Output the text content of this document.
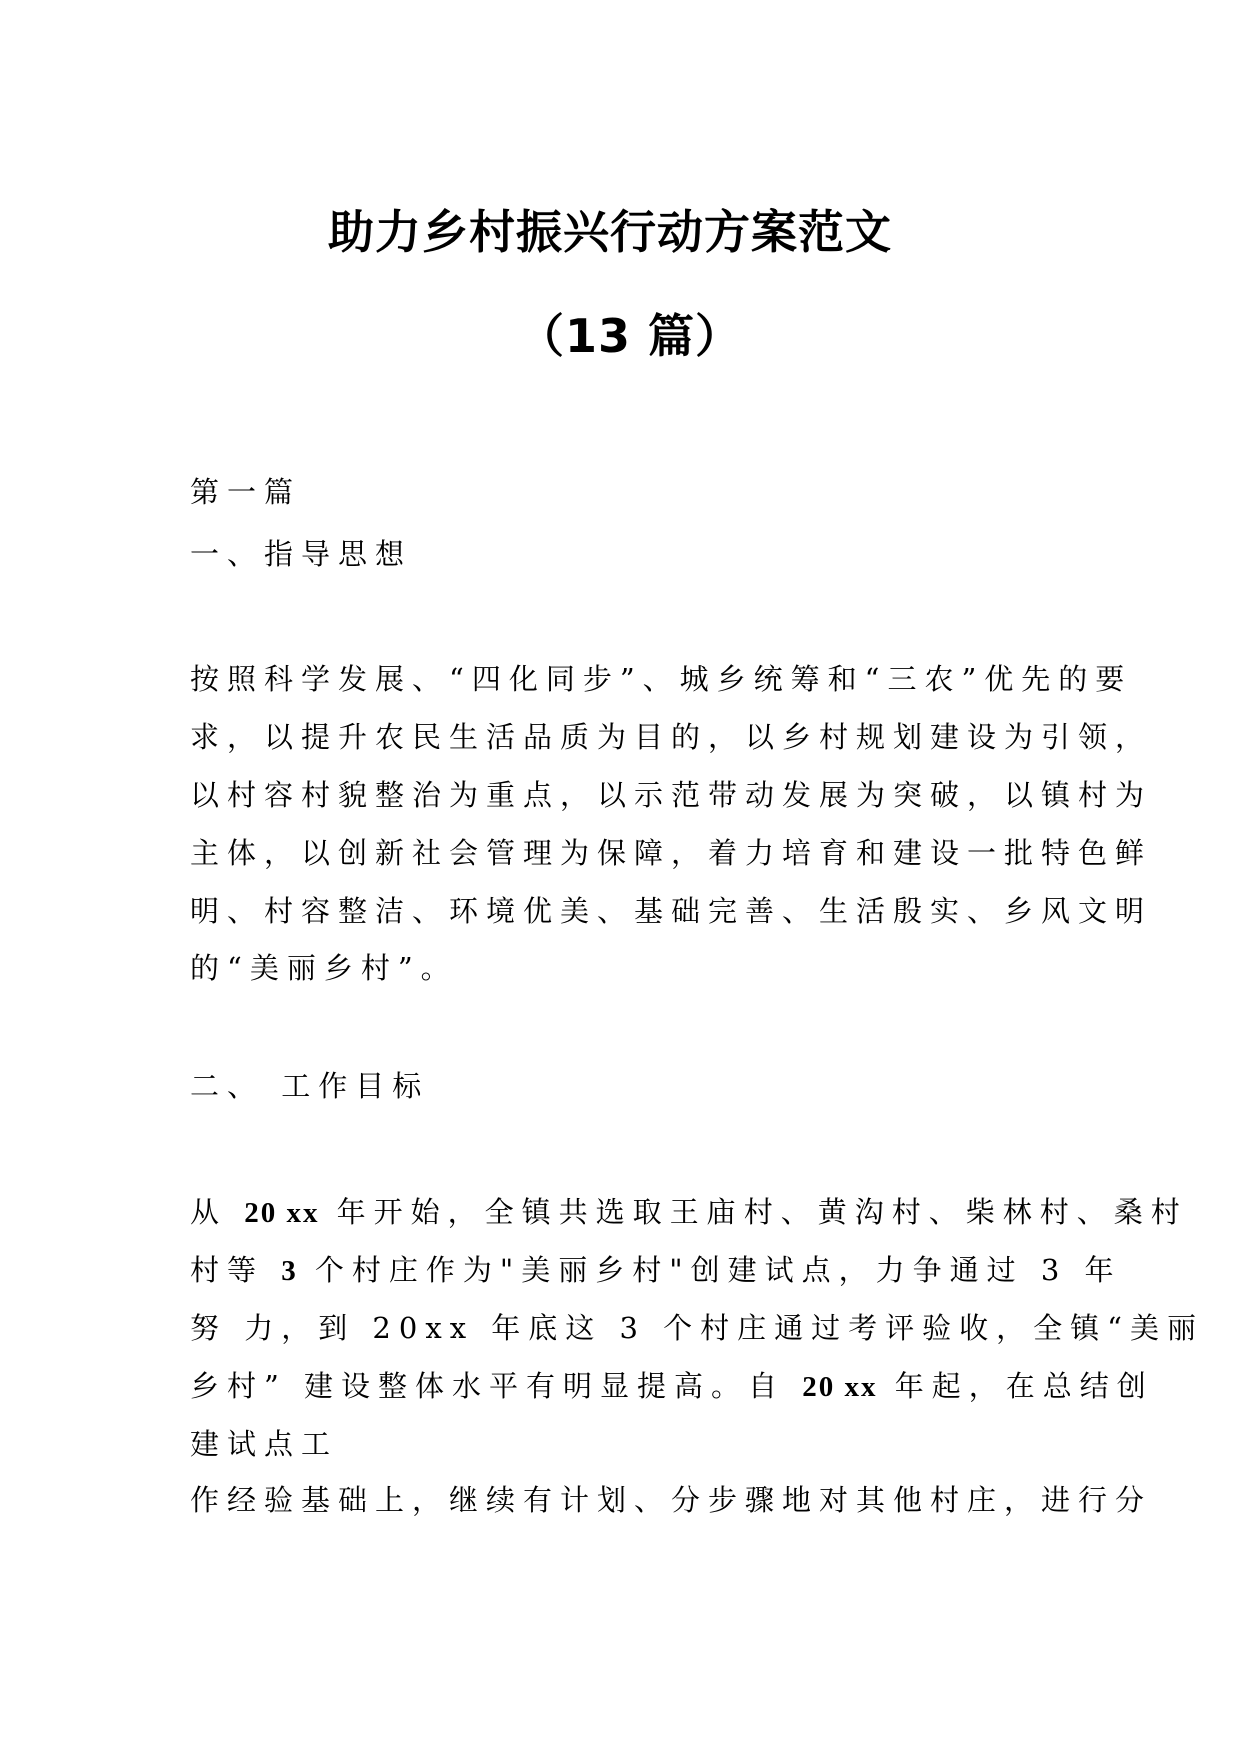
助力乡村振兴行动方案范文
（13 篇）
第一篇
一、指导思想
按照科学发展、“四化同步”、城乡统筹和“三农”优先的要
求，以提升农民生活品质为目的，以乡村规划建设为引领，
以村容村貌整治为重点，以示范带动发展为突破，以镇村为
主体，以创新社会管理为保障，着力培育和建设一批特色鲜
明、村容整洁、环境优美、基础完善、生活殷实、乡风文明
的“美丽乡村”。
二、 工作目标
从 20 xx 年开始，全镇共选取王庙村、黄沟村、柴林村、桑村
村等 3 个村庄作为"美丽乡村"创建试点，力争通过 3 年
努 力，到 20xx 年底这 3 个村庄通过考评验收，全镇“美丽
乡村” 建设整体水平有明显提高。自 20 xx 年起，在总结创
建试点工
作经验基础上，继续有计划、分步骤地对其他村庄，进行分
